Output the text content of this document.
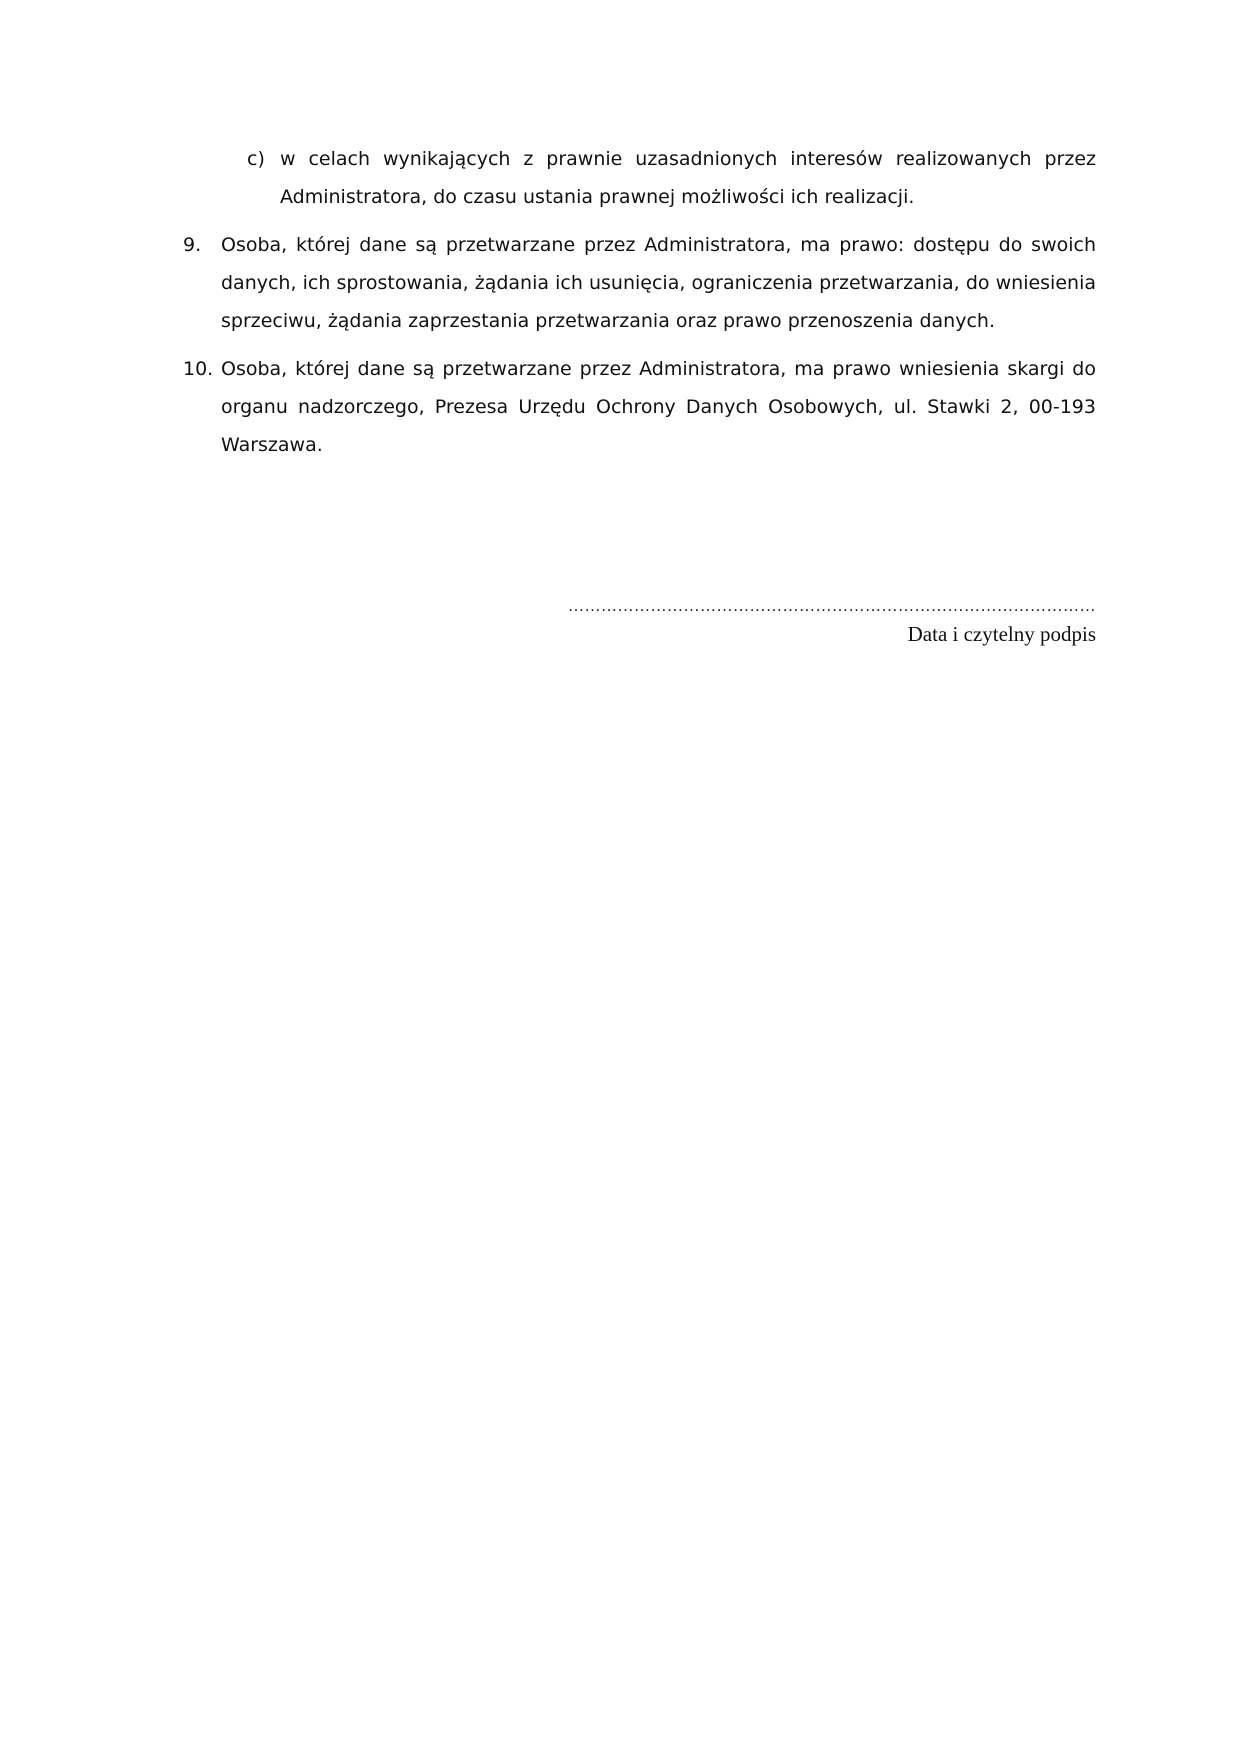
c) w celach wynikających z prawnie uzasadnionych interesów realizowanych przez Administratora, do czasu ustania prawnej możliwości ich realizacji.
9. Osoba, której dane są przetwarzane przez Administratora, ma prawo: dostępu do swoich danych, ich sprostowania, żądania ich usunięcia, ograniczenia przetwarzania, do wniesienia sprzeciwu, żądania zaprzestania przetwarzania oraz prawo przenoszenia danych.
10. Osoba, której dane są przetwarzane przez Administratora, ma prawo wniesienia skargi do organu nadzorczego, Prezesa Urzędu Ochrony Danych Osobowych, ul. Stawki 2, 00-193 Warszawa.
……………………………………………………………………………………
Data i czytelny podpis
